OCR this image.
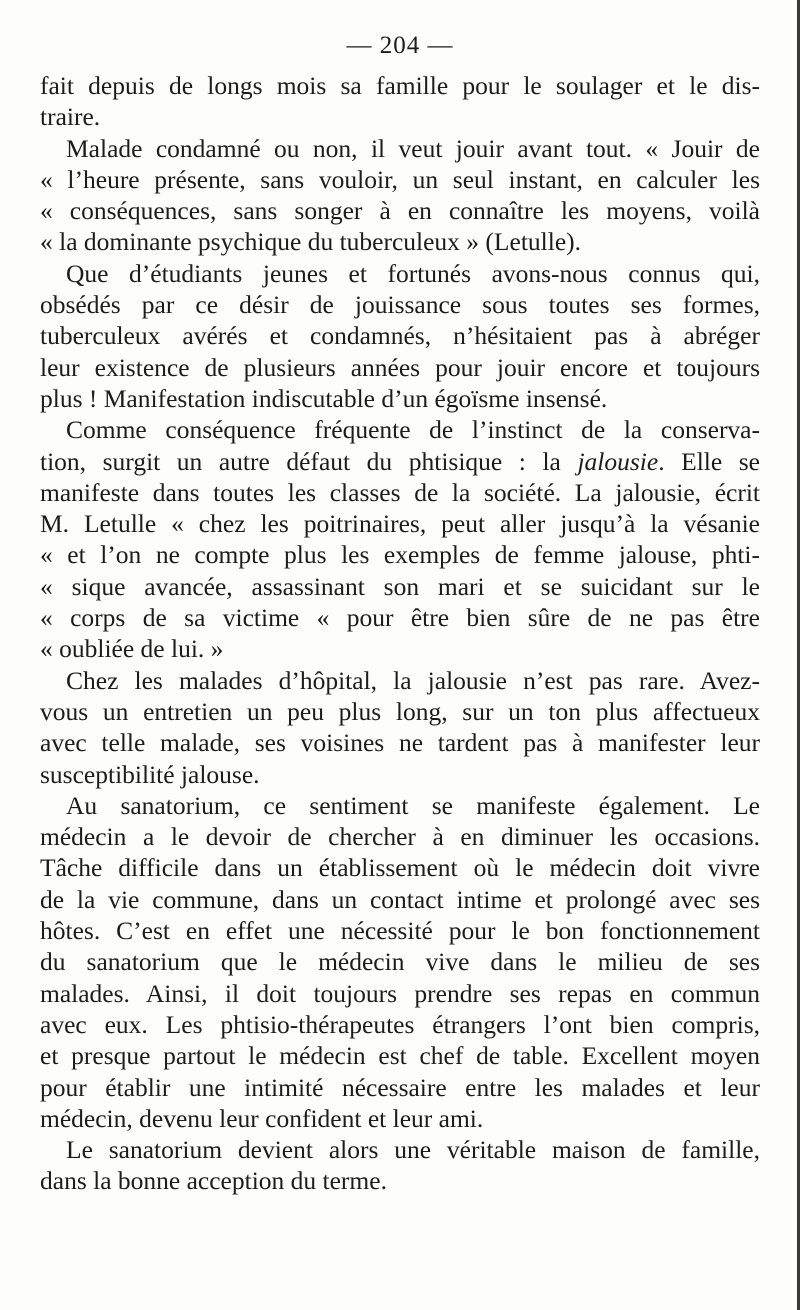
— 204 —
fait depuis de longs mois sa famille pour le soulager et le dis-
traire.
Malade condamné ou non, il veut jouir avant tout. « Jouir de
« l’heure présente, sans vouloir, un seul instant, en calculer les
« conséquences, sans songer à en connaître les moyens, voilà
« la dominante psychique du tuberculeux » (Letulle).
Que d’étudiants jeunes et fortunés avons-nous connus qui,
obsédés par ce désir de jouissance sous toutes ses formes,
tuberculeux avérés et condamnés, n’hésitaient pas à abréger
leur existence de plusieurs années pour jouir encore et toujours
plus ! Manifestation indiscutable d’un égoïsme insensé.
Comme conséquence fréquente de l’instinct de la conserva-
tion, surgit un autre défaut du phtisique : la jalousie. Elle se
manifeste dans toutes les classes de la société. La jalousie, écrit
M. Letulle « chez les poitrinaires, peut aller jusqu’à la vésanie
« et l’on ne compte plus les exemples de femme jalouse, phti-
« sique avancée, assassinant son mari et se suicidant sur le
« corps de sa victime « pour être bien sûre de ne pas être
« oubliée de lui. »
Chez les malades d’hôpital, la jalousie n’est pas rare. Avez-
vous un entretien un peu plus long, sur un ton plus affectueux
avec telle malade, ses voisines ne tardent pas à manifester leur
susceptibilité jalouse.
Au sanatorium, ce sentiment se manifeste également. Le
médecin a le devoir de chercher à en diminuer les occasions.
Tâche difficile dans un établissement où le médecin doit vivre
de la vie commune, dans un contact intime et prolongé avec ses
hôtes. C’est en effet une nécessité pour le bon fonctionnement
du sanatorium que le médecin vive dans le milieu de ses
malades. Ainsi, il doit toujours prendre ses repas en commun
avec eux. Les phtisio-thérapeutes étrangers l’ont bien compris,
et presque partout le médecin est chef de table. Excellent moyen
pour établir une intimité nécessaire entre les malades et leur
médecin, devenu leur confident et leur ami.
Le sanatorium devient alors une véritable maison de famille,
dans la bonne acception du terme.
